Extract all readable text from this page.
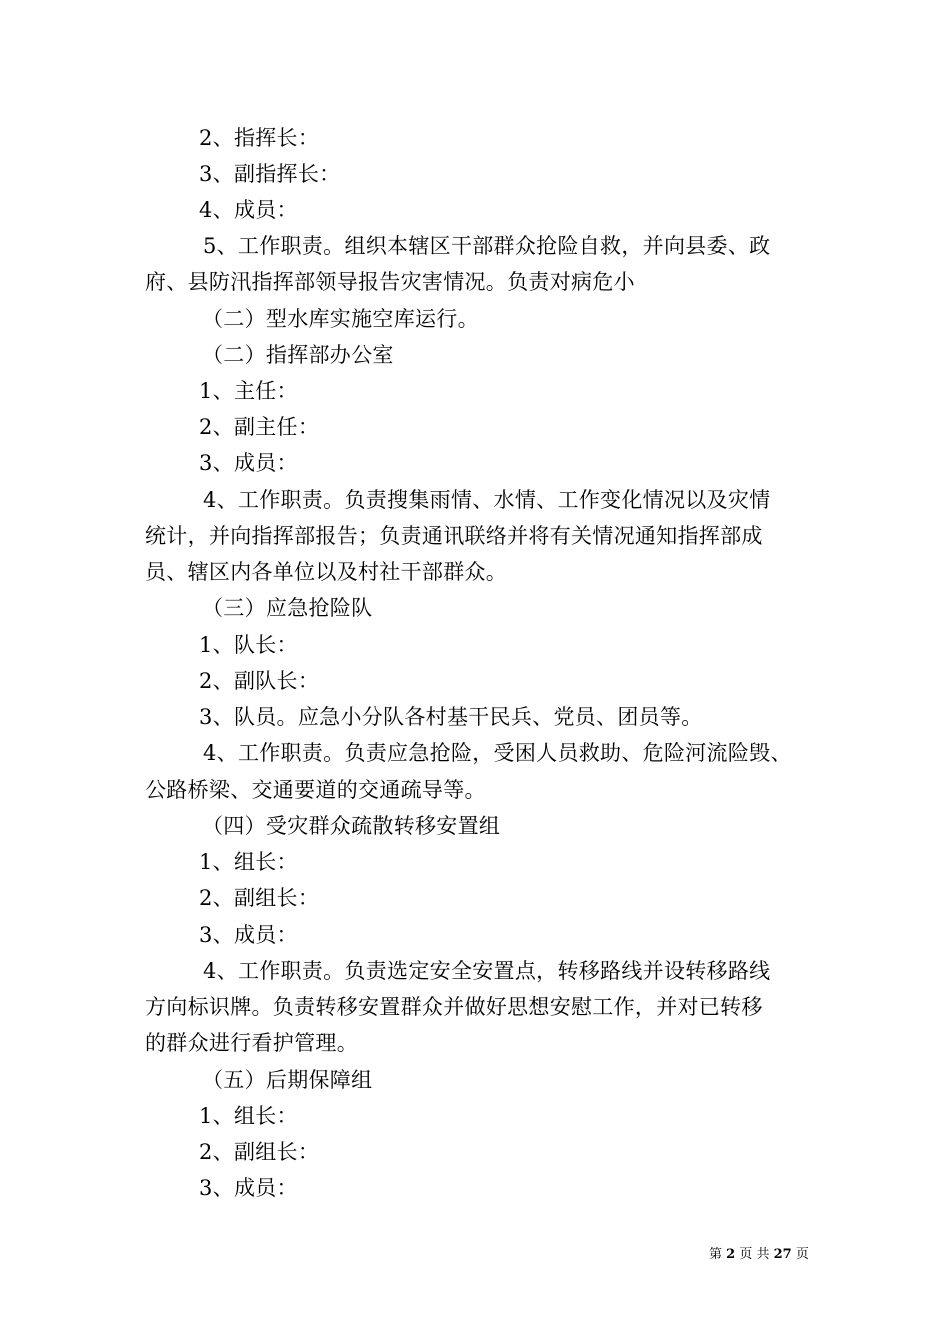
2、指挥长：
3、副指挥长：
4、成员：
5、工作职责。组织本辖区干部群众抢险自救，并向县委、政
府、县防汛指挥部领导报告灾害情况。负责对病危小
（二）型水库实施空库运行。
（二）指挥部办公室
1、主任：
2、副主任：
3、成员：
4、工作职责。负责搜集雨情、水情、工作变化情况以及灾情
统计，并向指挥部报告；负责通讯联络并将有关情况通知指挥部成
员、辖区内各单位以及村社干部群众。
（三）应急抢险队
1、队长：
2、副队长：
3、队员。应急小分队各村基干民兵、党员、团员等。
4、工作职责。负责应急抢险，受困人员救助、危险河流险毁、
公路桥梁、交通要道的交通疏导等。
（四）受灾群众疏散转移安置组
1、组长：
2、副组长：
3、成员：
4、工作职责。负责选定安全安置点，转移路线并设转移路线
方向标识牌。负责转移安置群众并做好思想安慰工作，并对已转移
的群众进行看护管理。
（五）后期保障组
1、组长：
2、副组长：
3、成员：
第 2 页 共 27 页
